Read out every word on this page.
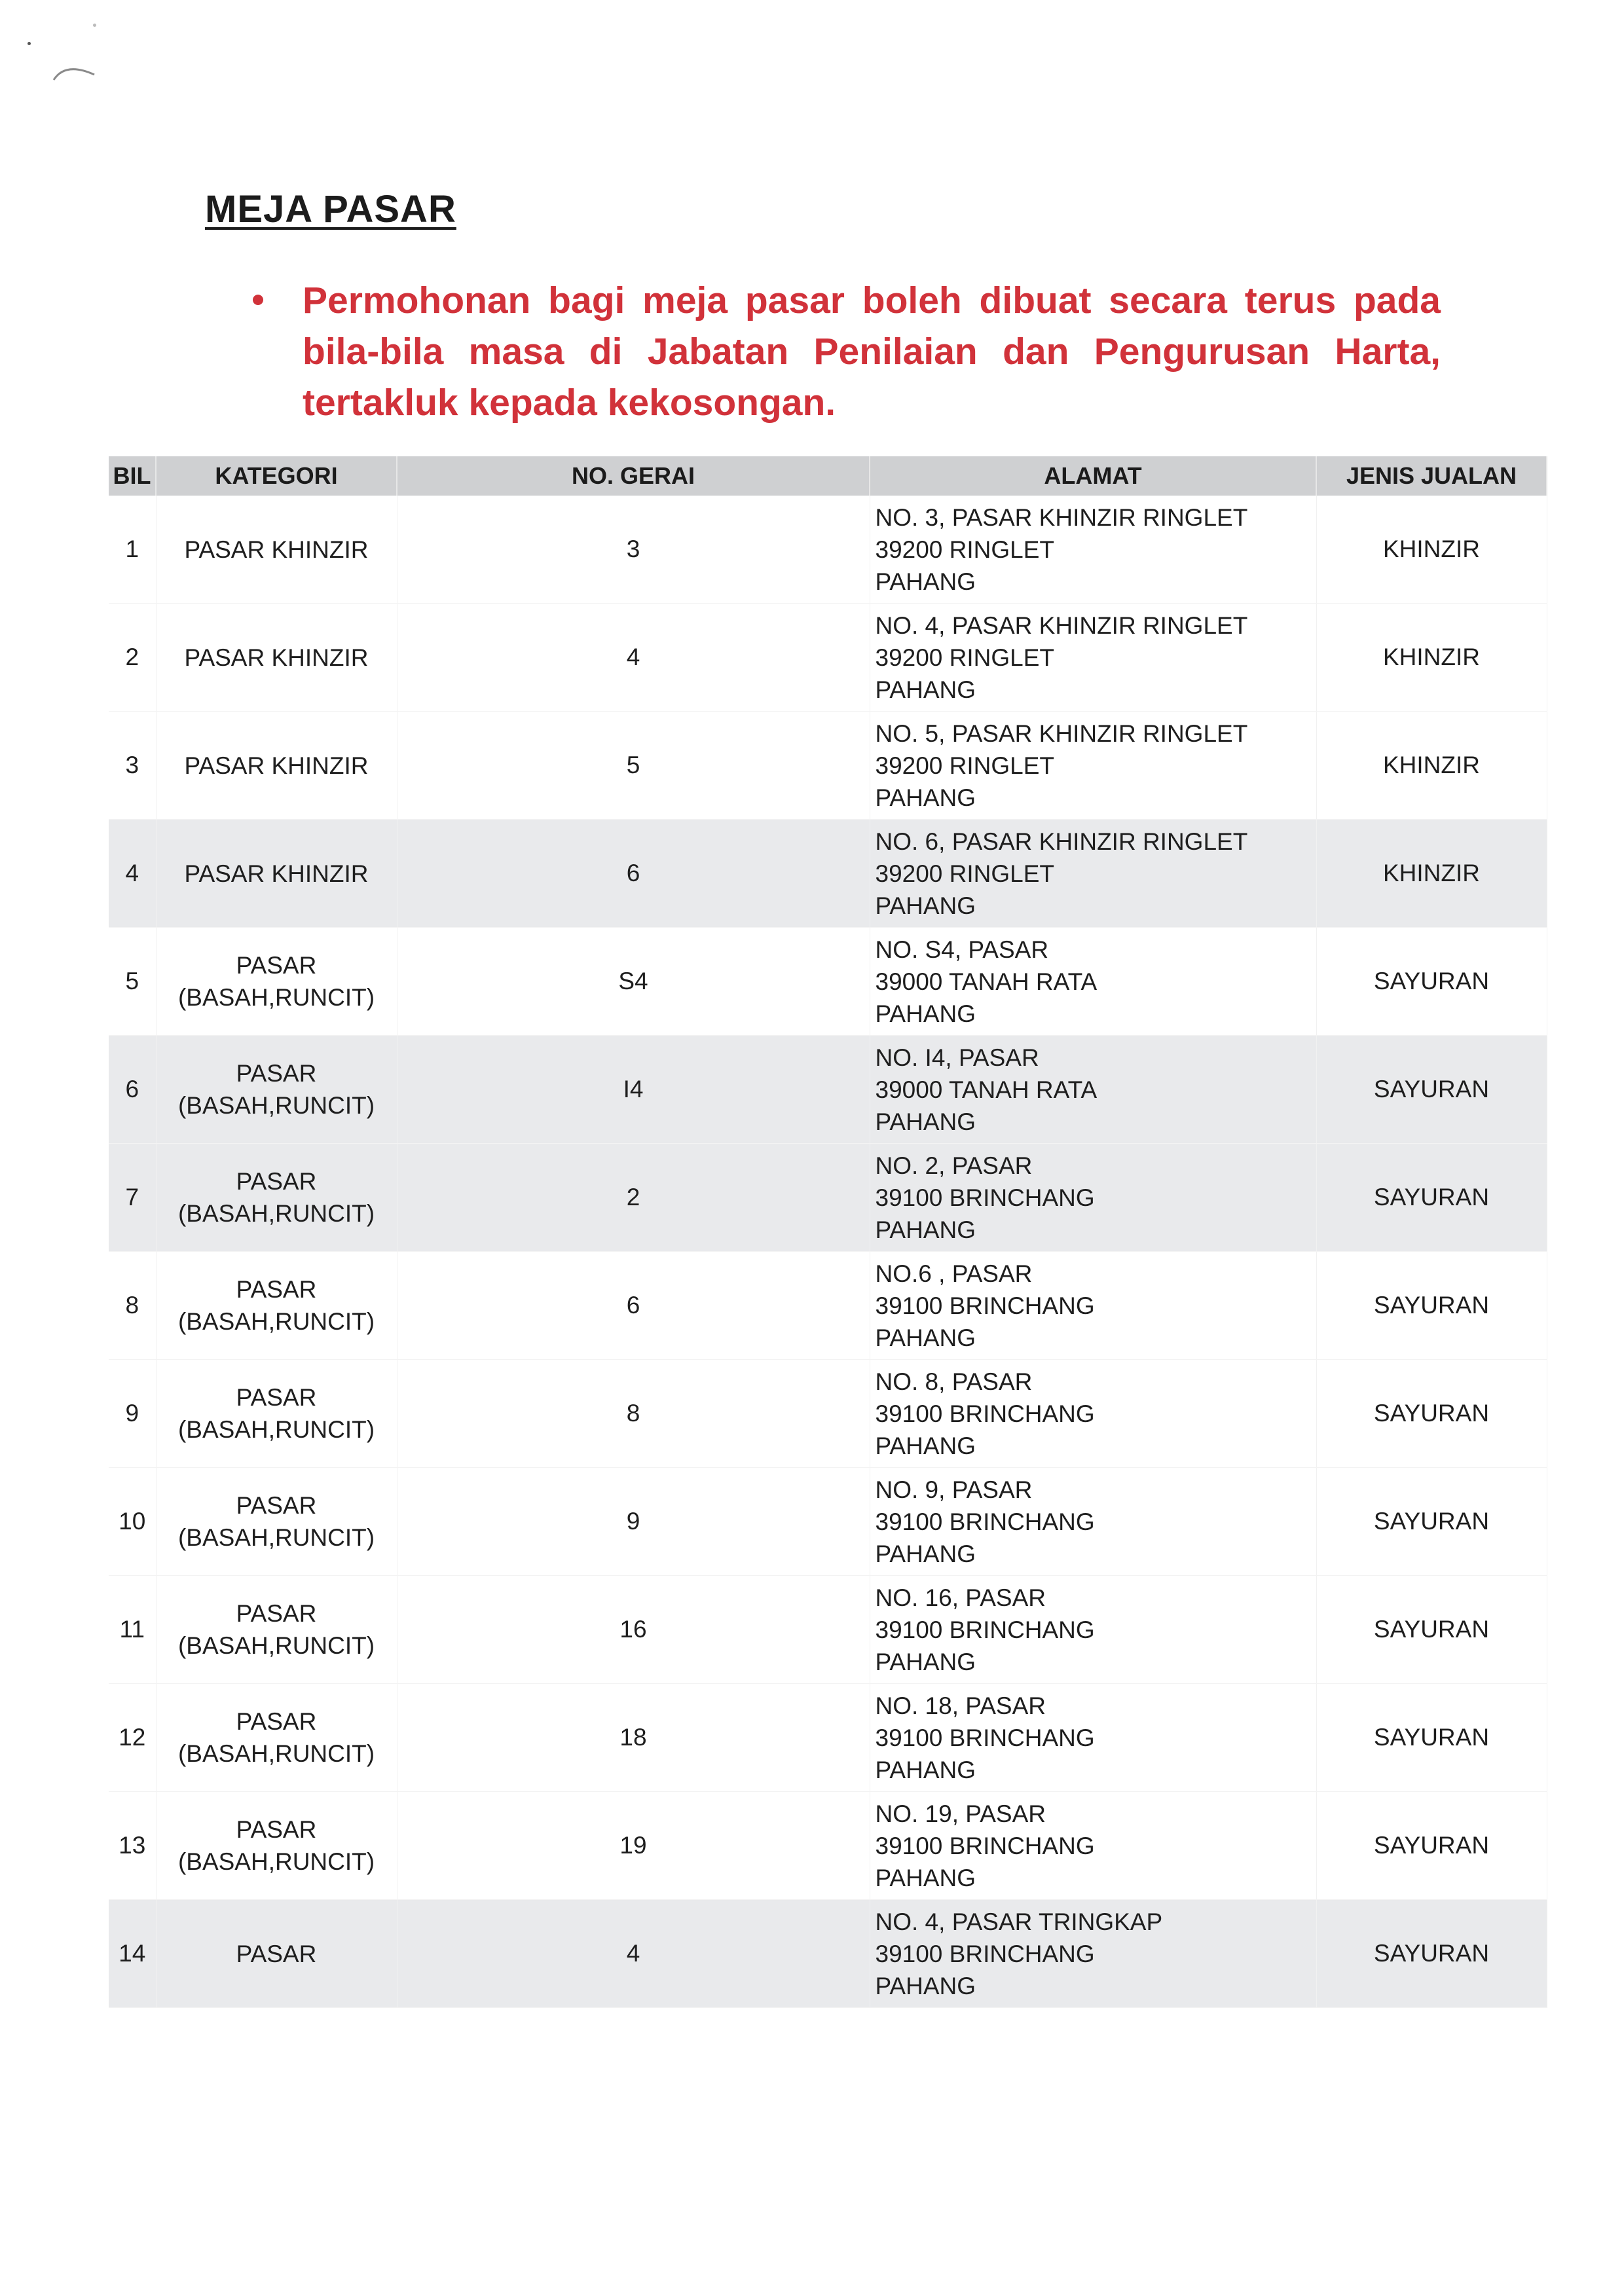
MEJA PASAR
Permohonan bagi meja pasar boleh dibuat secara terus pada bila-bila masa di Jabatan Penilaian dan Pengurusan Harta, tertakluk kepada kekosongan.
BIL	KATEGORI	NO. GERAI	ALAMAT	JENIS JUALAN
1	PASAR KHINZIR	3	NO. 3, PASAR KHINZIR RINGLET
39200 RINGLET
PAHANG	KHINZIR
2	PASAR KHINZIR	4	NO. 4, PASAR KHINZIR RINGLET
39200 RINGLET
PAHANG	KHINZIR
3	PASAR KHINZIR	5	NO. 5, PASAR KHINZIR RINGLET
39200 RINGLET
PAHANG	KHINZIR
4	PASAR KHINZIR	6	NO. 6, PASAR KHINZIR RINGLET
39200 RINGLET
PAHANG	KHINZIR
5	PASAR
(BASAH,RUNCIT)	S4	NO. S4, PASAR
39000 TANAH RATA
PAHANG	SAYURAN
6	PASAR
(BASAH,RUNCIT)	I4	NO. I4, PASAR
39000 TANAH RATA
PAHANG	SAYURAN
7	PASAR
(BASAH,RUNCIT)	2	NO. 2, PASAR
39100 BRINCHANG
PAHANG	SAYURAN
8	PASAR
(BASAH,RUNCIT)	6	NO.6 , PASAR
39100 BRINCHANG
PAHANG	SAYURAN
9	PASAR
(BASAH,RUNCIT)	8	NO. 8, PASAR
39100 BRINCHANG
PAHANG	SAYURAN
10	PASAR
(BASAH,RUNCIT)	9	NO. 9, PASAR
39100 BRINCHANG
PAHANG	SAYURAN
11	PASAR
(BASAH,RUNCIT)	16	NO. 16, PASAR
39100 BRINCHANG
PAHANG	SAYURAN
12	PASAR
(BASAH,RUNCIT)	18	NO. 18, PASAR
39100 BRINCHANG
PAHANG	SAYURAN
13	PASAR
(BASAH,RUNCIT)	19	NO. 19, PASAR
39100 BRINCHANG
PAHANG	SAYURAN
14	PASAR	4	NO. 4, PASAR TRINGKAP
39100 BRINCHANG
PAHANG	SAYURAN
